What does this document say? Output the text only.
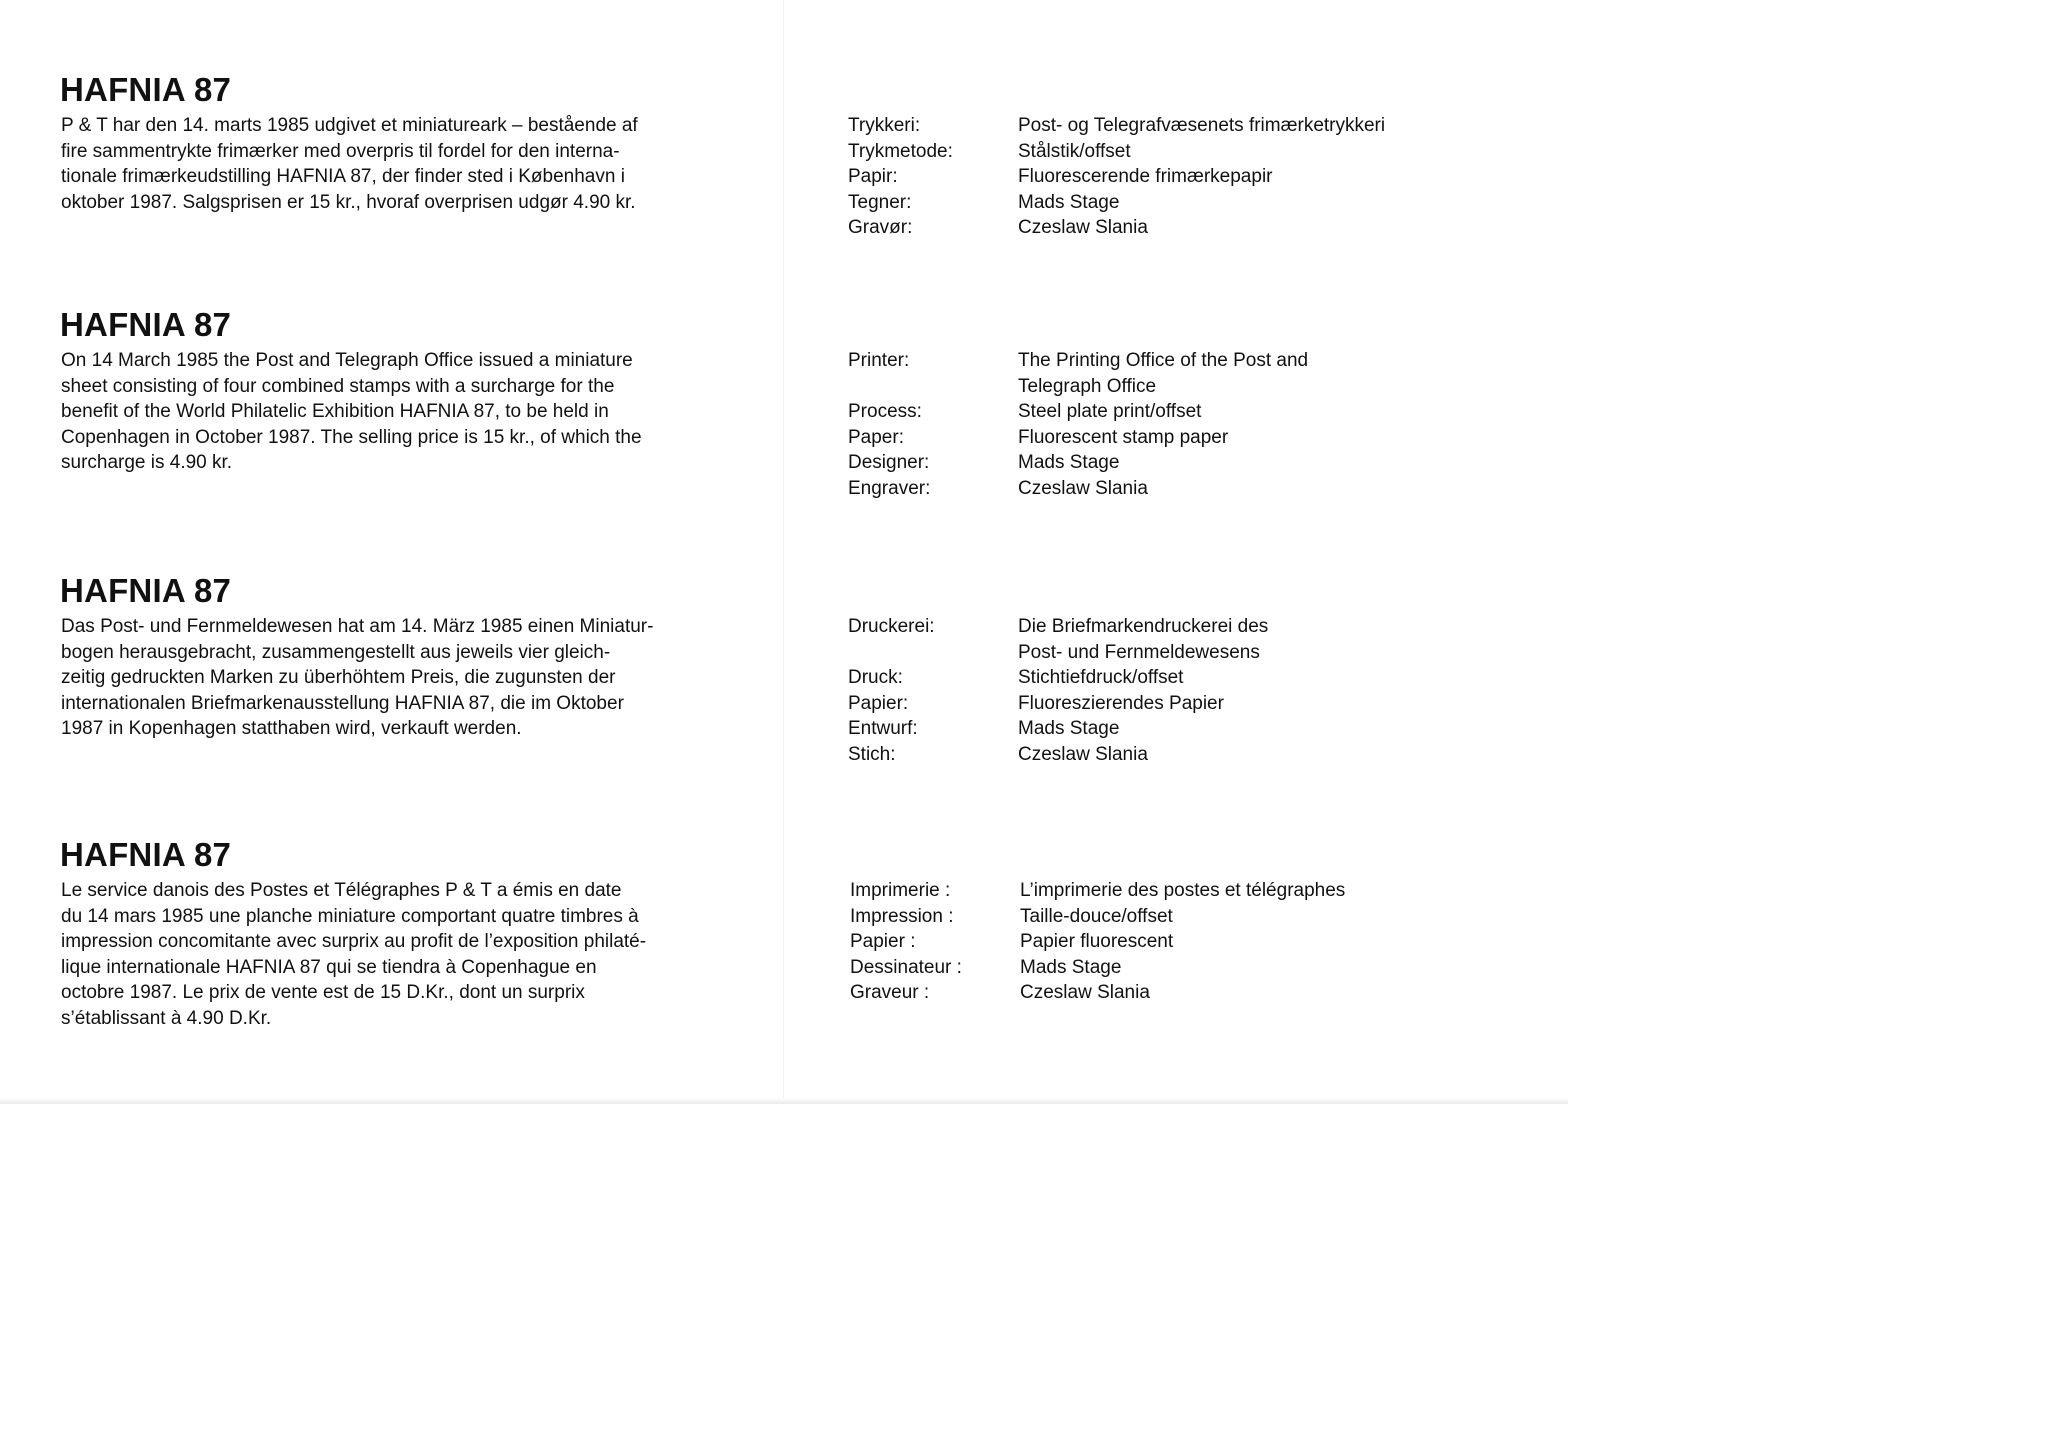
HAFNIA 87
P & T har den 14. marts 1985 udgivet et miniatureark – bestående af
fire sammentrykte frimærker med overpris til fordel for den interna-
tionale frimærkeudstilling HAFNIA 87, der finder sted i København i
oktober 1987. Salgsprisen er 15 kr., hvoraf overprisen udgør 4.90 kr.
Trykkeri:	Post- og Telegrafvæsenets frimærketrykkeri
Trykmetode:	Stålstik/offset
Papir:	Fluorescerende frimærkepapir
Tegner:	Mads Stage
Gravør:	Czeslaw Slania
HAFNIA 87
On 14 March 1985 the Post and Telegraph Office issued a miniature
sheet consisting of four combined stamps with a surcharge for the
benefit of the World Philatelic Exhibition HAFNIA 87, to be held in
Copenhagen in October 1987. The selling price is 15 kr., of which the
surcharge is 4.90 kr.
Printer:	The Printing Office of the Post and
Telegraph Office
Process:	Steel plate print/offset
Paper:	Fluorescent stamp paper
Designer:	Mads Stage
Engraver:	Czeslaw Slania
HAFNIA 87
Das Post- und Fernmeldewesen hat am 14. März 1985 einen Miniatur-
bogen herausgebracht, zusammengestellt aus jeweils vier gleich-
zeitig gedruckten Marken zu überhöhtem Preis, die zugunsten der
internationalen Briefmarkenausstellung HAFNIA 87, die im Oktober
1987 in Kopenhagen statthaben wird, verkauft werden.
Druckerei:	Die Briefmarkendruckerei des
Post- und Fernmeldewesens
Druck:	Stichtiefdruck/offset
Papier:	Fluoreszierendes Papier
Entwurf:	Mads Stage
Stich:	Czeslaw Slania
HAFNIA 87
Le service danois des Postes et Télégraphes P & T a émis en date
du 14 mars 1985 une planche miniature comportant quatre timbres à
impression concomitante avec surprix au profit de l’exposition philaté-
lique internationale HAFNIA 87 qui se tiendra à Copenhague en
octobre 1987. Le prix de vente est de 15 D.Kr., dont un surprix
s’établissant à 4.90 D.Kr.
Imprimerie :	L’imprimerie des postes et télégraphes
Impression :	Taille-douce/offset
Papier :	Papier fluorescent
Dessinateur :	Mads Stage
Graveur :	Czeslaw Slania
